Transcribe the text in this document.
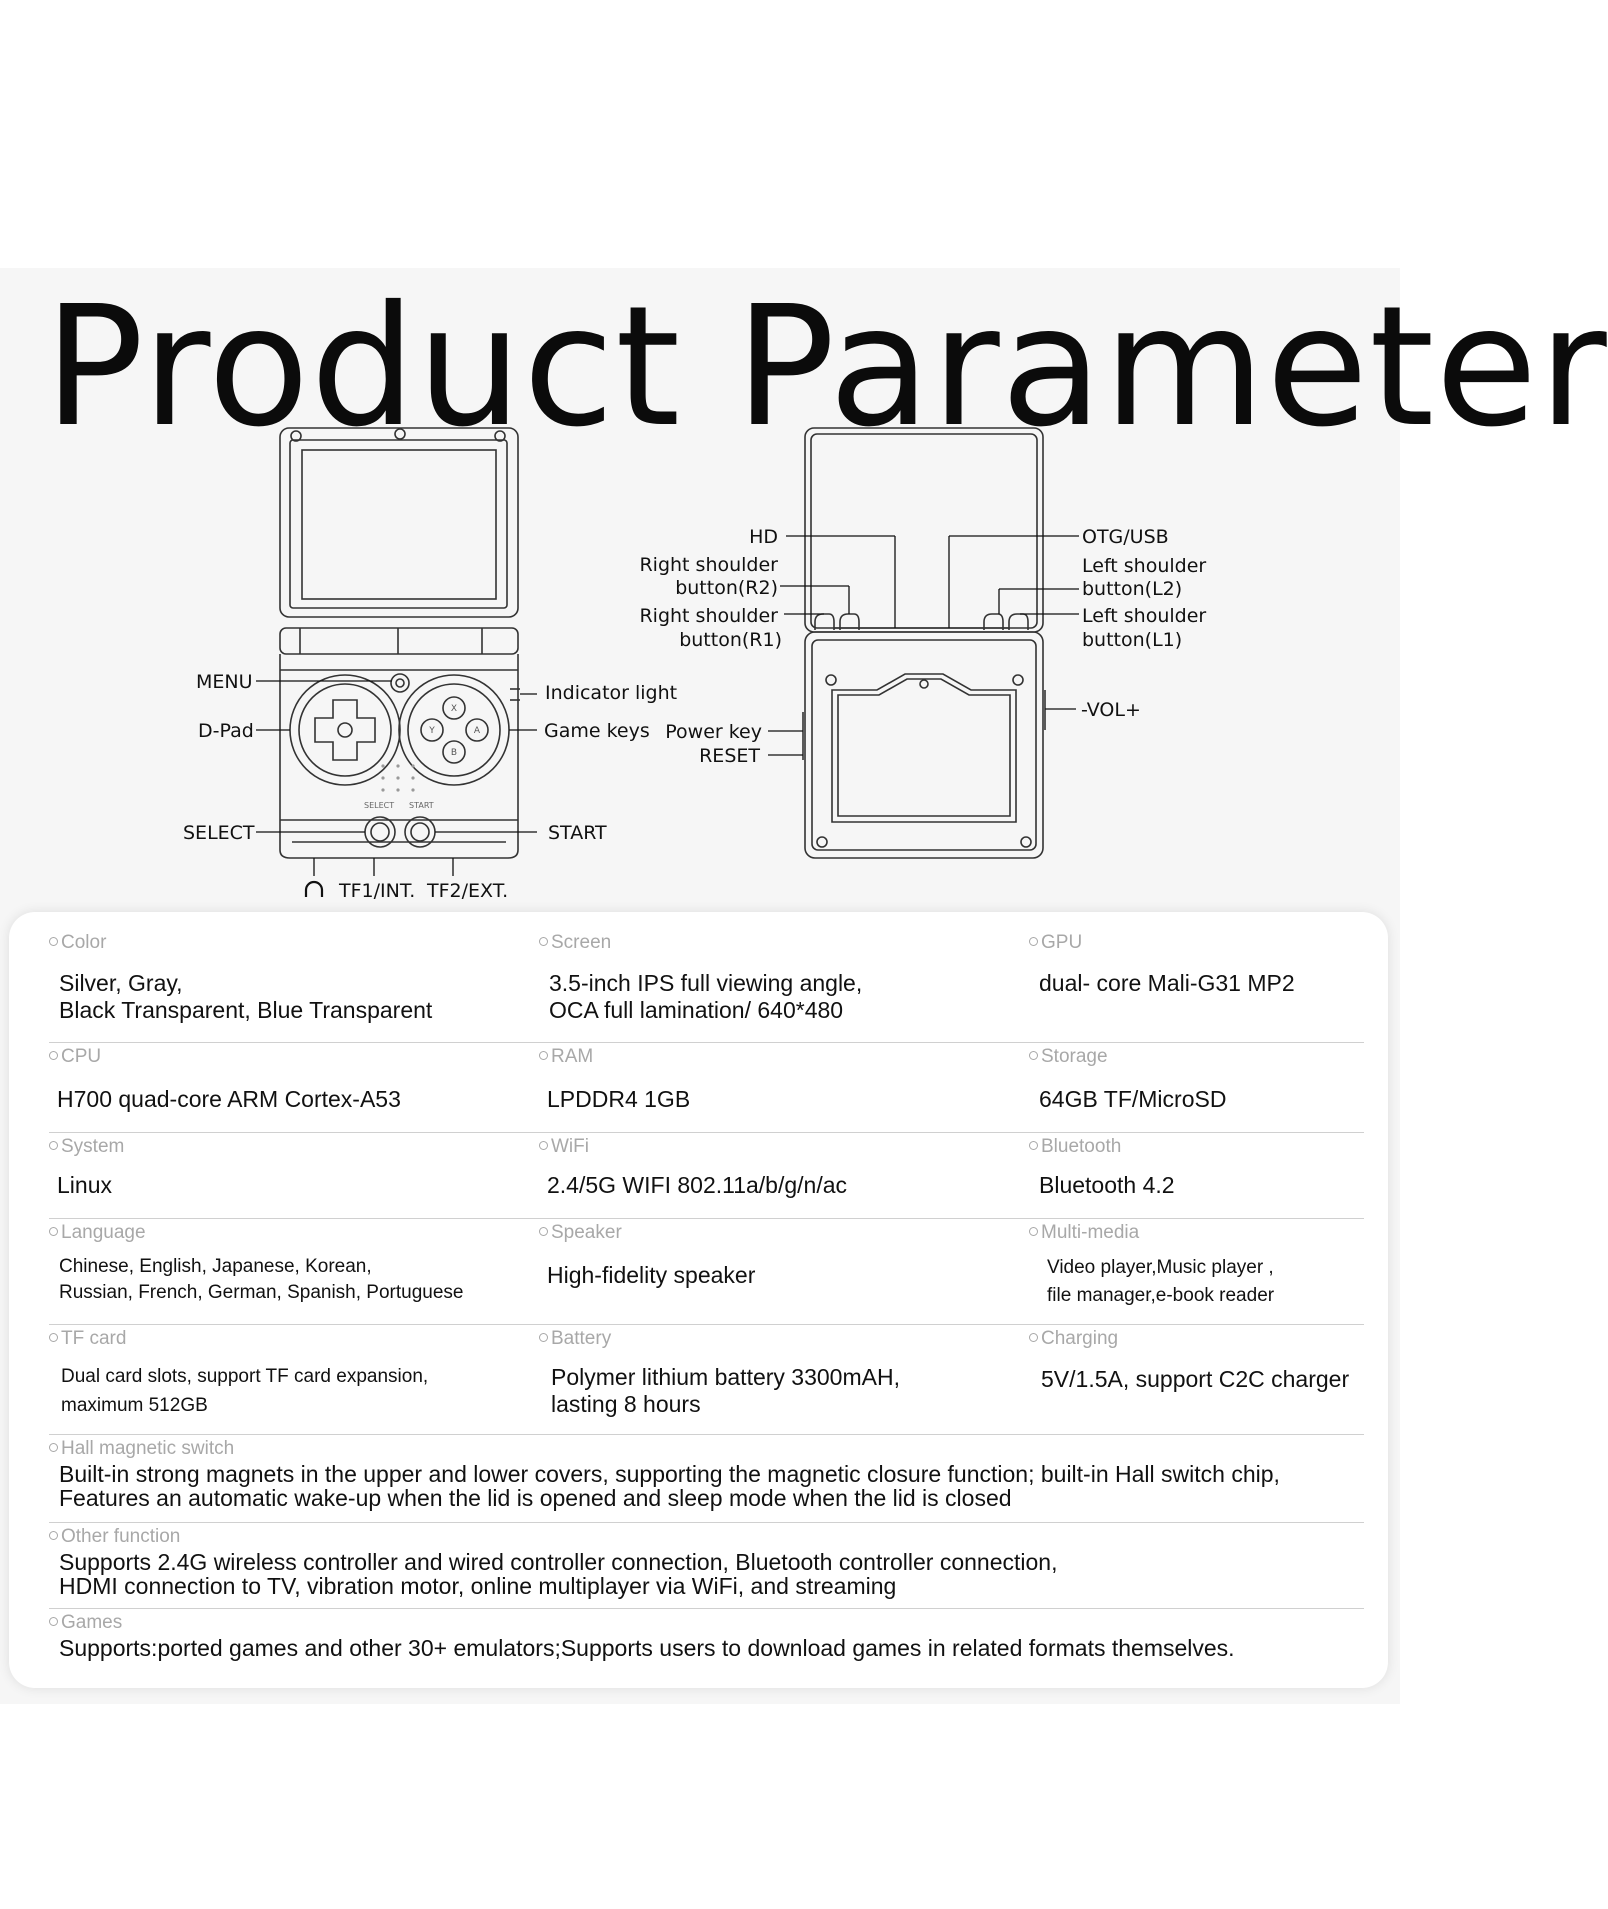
Product Parameter
X
Y	A
B
SELECT START
MENU
D-Pad
SELECT
Indicator light
Game keys
START
TF1/INT. TF2/EXT.
HD
Right shoulder
button(R2)
Right shoulder
button(R1)
OTG/USB
Left shoulder
button(L2)
Left shoulder
button(L1)
-VOL+
Power key
RESET
Color
Silver, Gray,
Black Transparent, Blue Transparent
Screen
3.5-inch IPS full viewing angle,
OCA full lamination/ 640*480
GPU
dual- core Mali-G31 MP2
CPU
H700 quad-core ARM Cortex-A53
RAM
LPDDR4 1GB
Storage
64GB TF/MicroSD
System
Linux
WiFi
2.4/5G WIFI 802.11a/b/g/n/ac
Bluetooth
Bluetooth 4.2
Language
Chinese, English, Japanese, Korean,
Russian, French, German, Spanish, Portuguese
Speaker
High-fidelity speaker
Multi-media
Video player,Music player ,
file manager,e-book reader
TF card
Dual card slots, support TF card expansion,
maximum 512GB
Battery
Polymer lithium battery 3300mAH,
lasting 8 hours
Charging
5V/1.5A, support C2C charger
Hall magnetic switch
Built-in strong magnets in the upper and lower covers, supporting the magnetic closure function; built-in Hall switch chip,
Features an automatic wake-up when the lid is opened and sleep mode when the lid is closed
Other function
Supports 2.4G wireless controller and wired controller connection, Bluetooth controller connection,
HDMI connection to TV, vibration motor, online multiplayer via WiFi, and streaming
Games
Supports:ported games and other 30+ emulators;Supports users to download games in related formats themselves.
